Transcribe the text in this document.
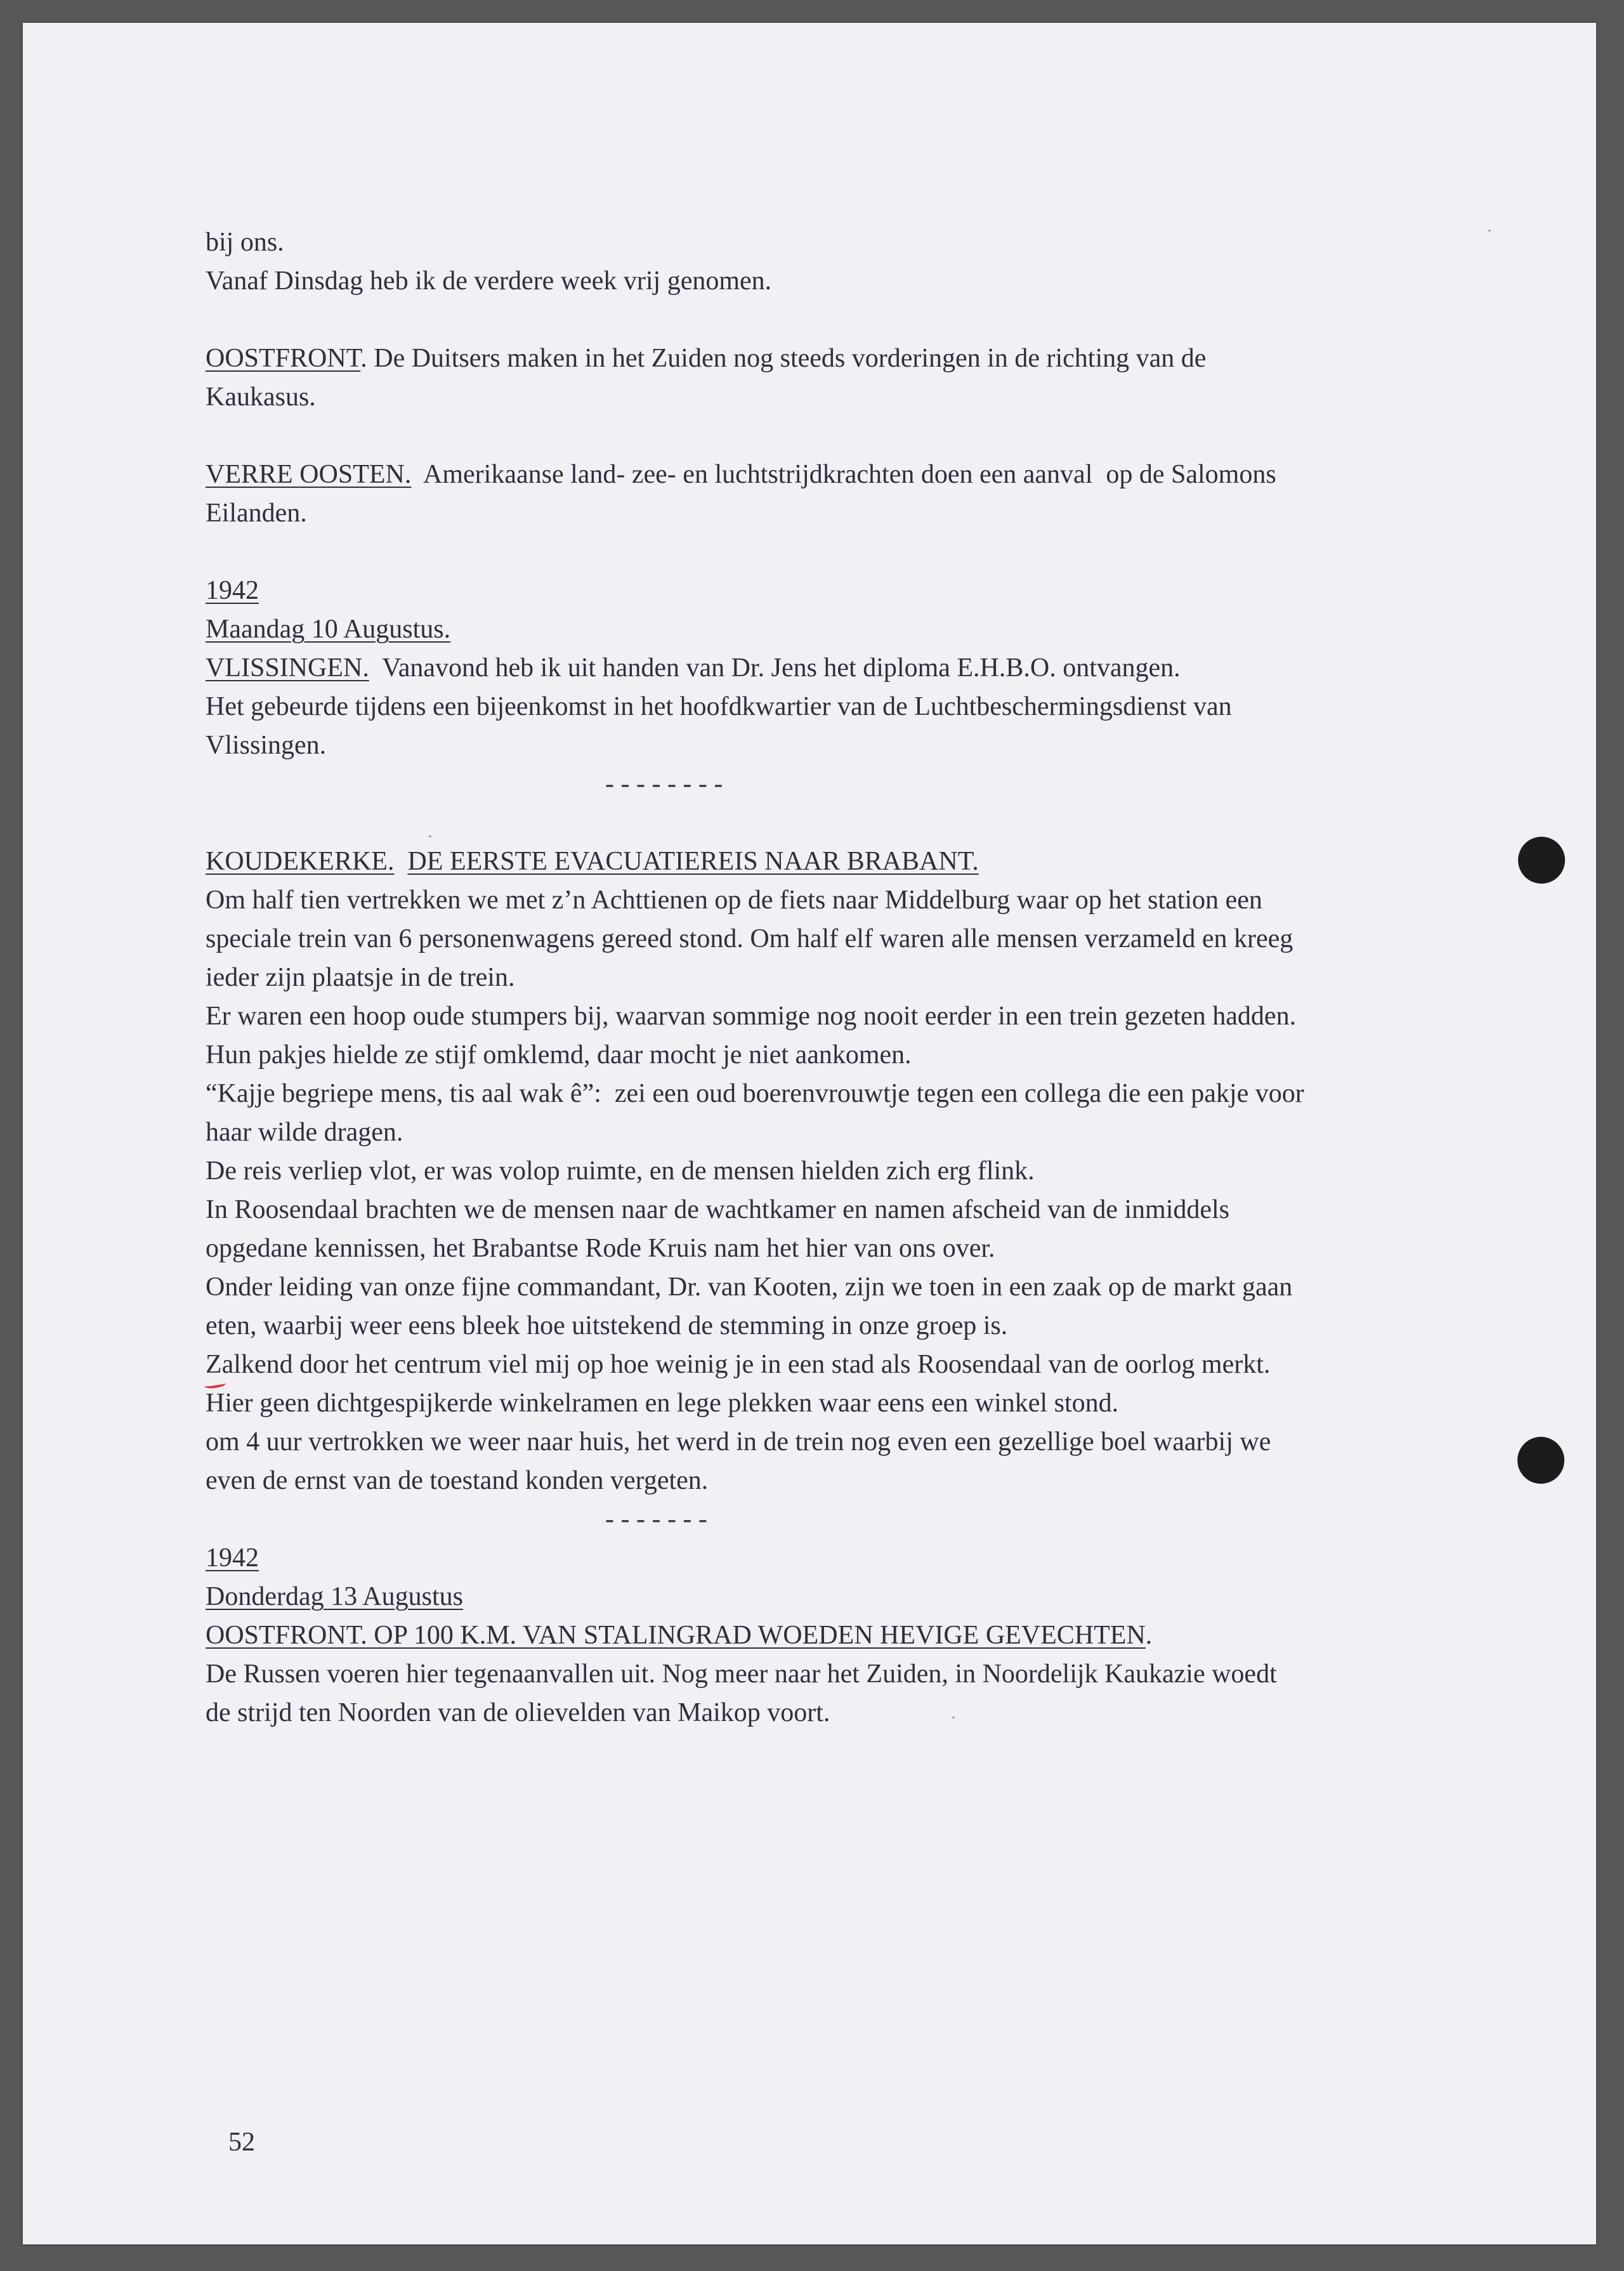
bij ons.
Vanaf Dinsdag heb ik de verdere week vrij genomen.
OOSTFRONT. De Duitsers maken in het Zuiden nog steeds vorderingen in de richting van de
Kaukasus.
VERRE OOSTEN.  Amerikaanse land- zee- en luchtstrijdkrachten doen een aanval  op de Salomons
Eilanden.
1942
Maandag 10 Augustus.
VLISSINGEN.  Vanavond heb ik uit handen van Dr. Jens het diploma E.H.B.O. ontvangen.
Het gebeurde tijdens een bijeenkomst in het hoofdkwartier van de Luchtbeschermingsdienst van
Vlissingen.
- - - - - - - -
KOUDEKERKE. DE EERSTE EVACUATIEREIS NAAR BRABANT.
Om half tien vertrekken we met z’n Achttienen op de fiets naar Middelburg waar op het station een
speciale trein van 6 personenwagens gereed stond. Om half elf waren alle mensen verzameld en kreeg
ieder zijn plaatsje in de trein.
Er waren een hoop oude stumpers bij, waarvan sommige nog nooit eerder in een trein gezeten hadden.
Hun pakjes hielde ze stijf omklemd, daar mocht je niet aankomen.
“Kajje begriepe mens, tis aal wak ê”:  zei een oud boerenvrouwtje tegen een collega die een pakje voor
haar wilde dragen.
De reis verliep vlot, er was volop ruimte, en de mensen hielden zich erg flink.
In Roosendaal brachten we de mensen naar de wachtkamer en namen afscheid van de inmiddels
opgedane kennissen, het Brabantse Rode Kruis nam het hier van ons over.
Onder leiding van onze fijne commandant, Dr. van Kooten, zijn we toen in een zaak op de markt gaan
eten, waarbij weer eens bleek hoe uitstekend de stemming in onze groep is.
Zalkend door het centrum viel mij op hoe weinig je in een stad als Roosendaal van de oorlog merkt.
Hier geen dichtgespijkerde winkelramen en lege plekken waar eens een winkel stond.
om 4 uur vertrokken we weer naar huis, het werd in de trein nog even een gezellige boel waarbij we
even de ernst van de toestand konden vergeten.
- - - - - - -
1942
Donderdag 13 Augustus
OOSTFRONT. OP 100 K.M. VAN STALINGRAD WOEDEN HEVIGE GEVECHTEN.
De Russen voeren hier tegenaanvallen uit. Nog meer naar het Zuiden, in Noordelijk Kaukazie woedt
de strijd ten Noorden van de olievelden van Maikop voort.
52
